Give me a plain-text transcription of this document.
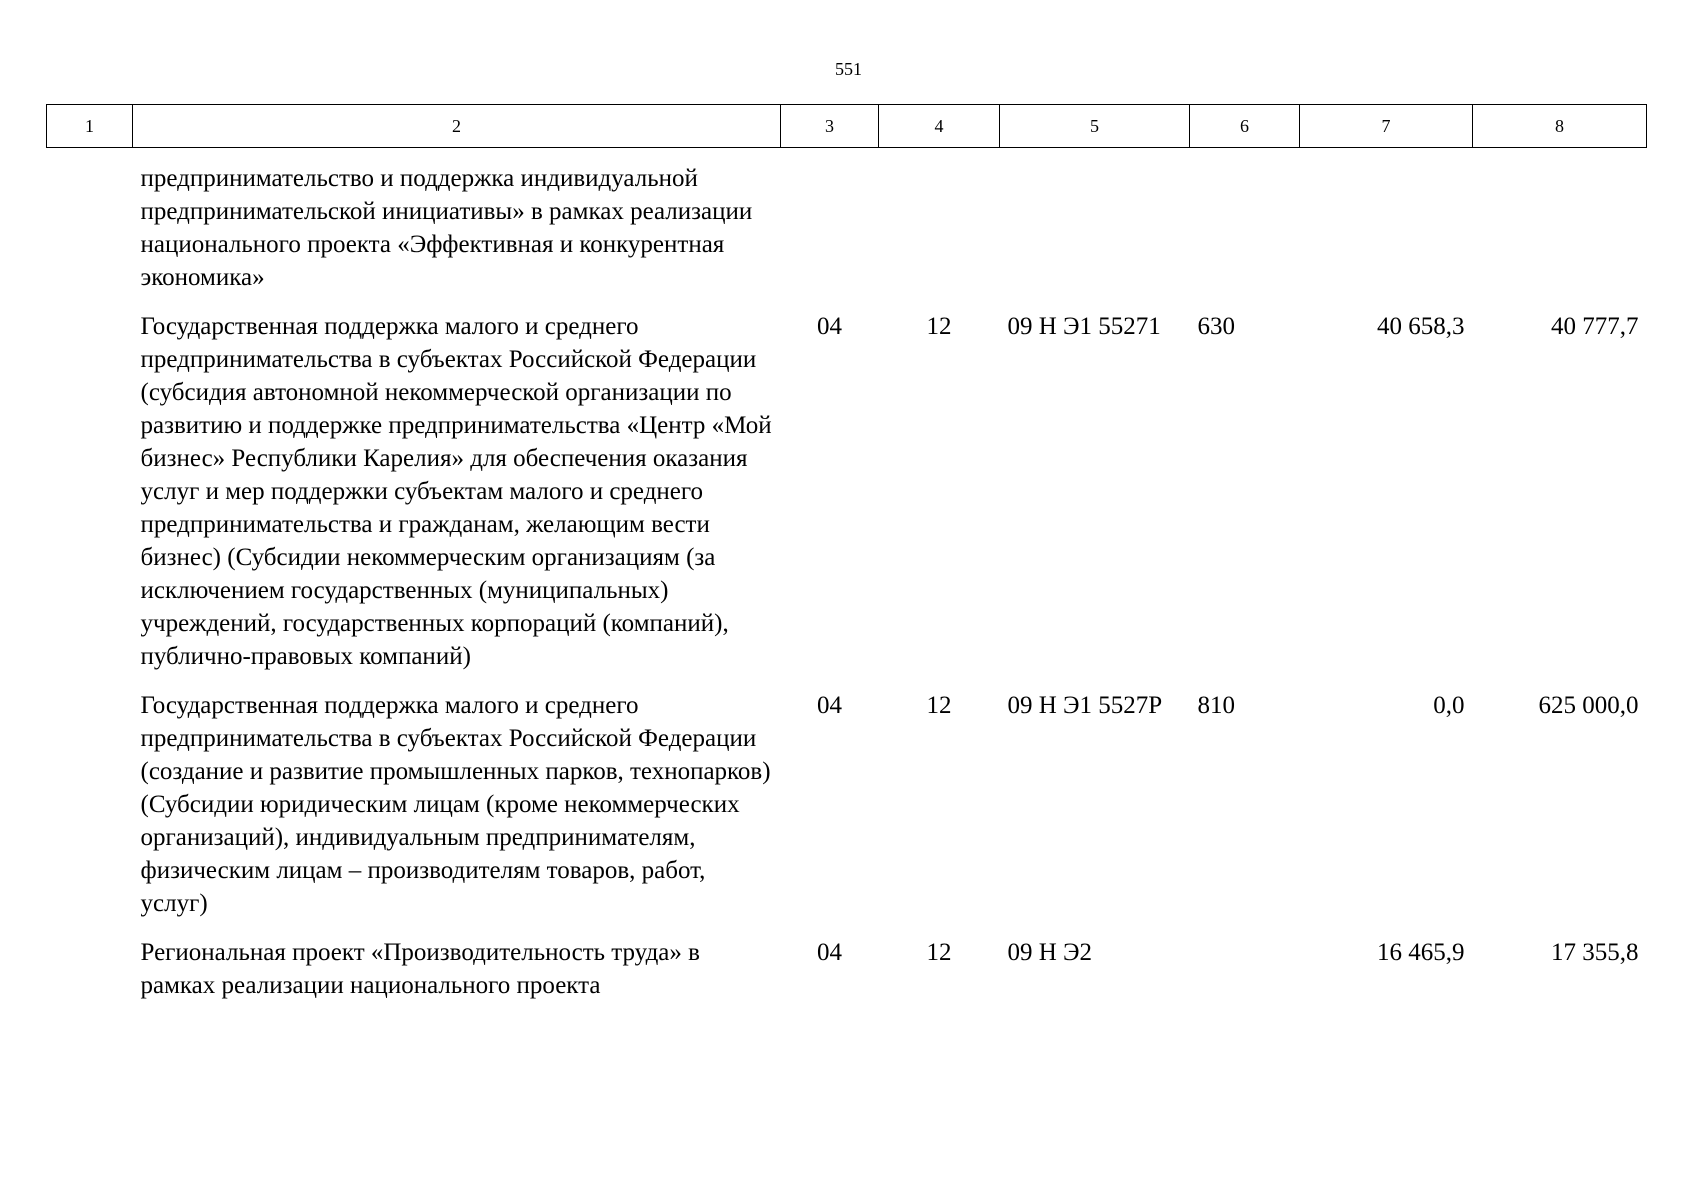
551
1	2	3	4	5	6	7	8
	предпринимательство и поддержка индивидуальной предпринимательской инициативы» в рамках реализации национального проекта «Эффективная и конкурентная экономика»						
	Государственная поддержка малого и среднего предпринимательства в субъектах Российской Федерации (субсидия автономной некоммерческой организации по развитию и поддержке предпринимательства «Центр «Мой бизнес» Республики Карелия» для обеспечения оказания услуг и мер поддержки субъектам малого и среднего предпринимательства и гражданам, желающим вести бизнес) (Субсидии некоммерческим организациям (за исключением государственных (муниципальных) учреждений, государственных корпораций (компаний), публично-правовых компаний)	04	12	09 Н Э1 55271	630	40 658,3	40 777,7
	Государственная поддержка малого и среднего предпринимательства в субъектах Российской Федерации (создание и развитие промышленных парков, технопарков) (Субсидии юридическим лицам (кроме некоммерческих организаций), индивидуальным предпринимателям, физическим лицам – производителям товаров, работ, услуг)	04	12	09 Н Э1 5527Р	810	0,0	625 000,0
	Региональная проект «Производительность труда» в рамках реализации национального проекта	04	12	09 Н Э2		16 465,9	17 355,8
